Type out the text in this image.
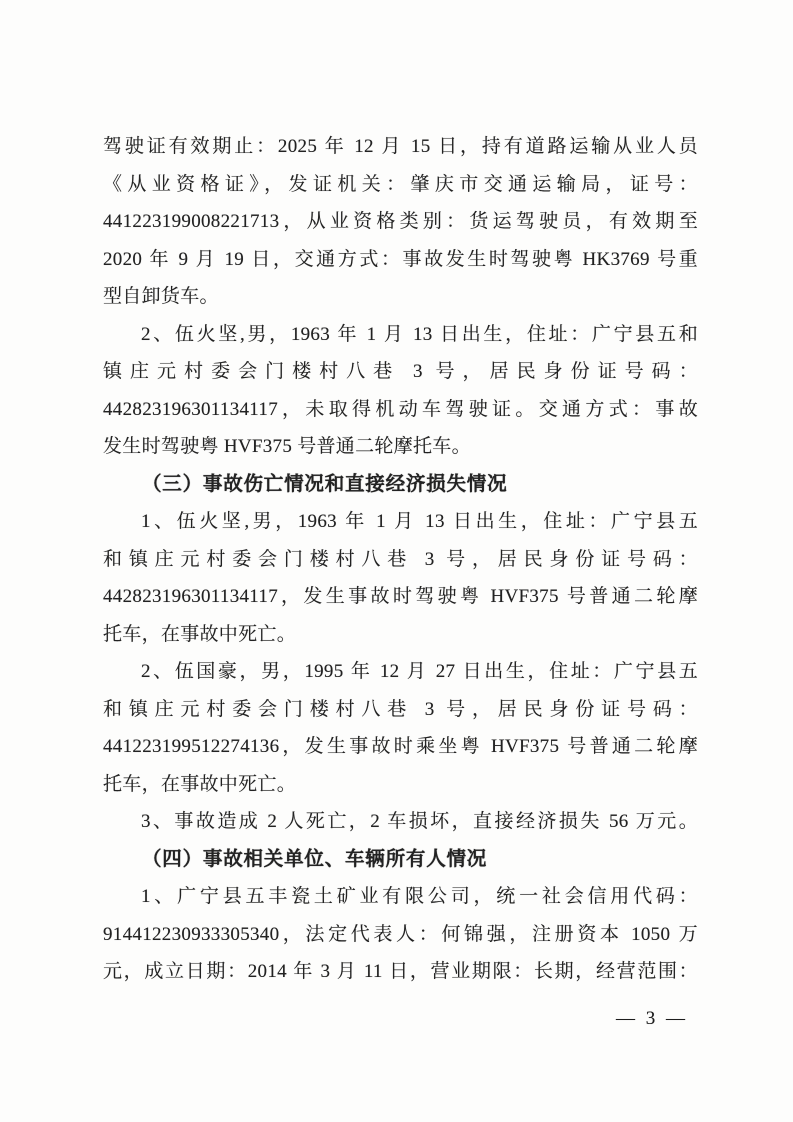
驾驶证有效期止：2025 年 12 月 15 日，持有道路运输从业人员
《从业资格证》，发证机关：肇庆市交通运输局，证号：
441223199008221713，从业资格类别：货运驾驶员，有效期至
2020 年 9 月 19 日，交通方式：事故发生时驾驶粤 HK3769 号重
型自卸货车。
2、伍火坚,男，1963 年 1 月 13 日出生，住址：广宁县五和
镇庄元村委会门楼村八巷 3 号，居民身份证号码：
442823196301134117，未取得机动车驾驶证。交通方式：事故
发生时驾驶粤 HVF375 号普通二轮摩托车。
（三）事故伤亡情况和直接经济损失情况
1、伍火坚,男，1963 年 1 月 13 日出生，住址：广宁县五
和镇庄元村委会门楼村八巷 3 号，居民身份证号码：
442823196301134117，发生事故时驾驶粤 HVF375 号普通二轮摩
托车，在事故中死亡。
2、伍国豪，男，1995 年 12 月 27 日出生，住址：广宁县五
和镇庄元村委会门楼村八巷 3 号，居民身份证号码：
441223199512274136，发生事故时乘坐粤 HVF375 号普通二轮摩
托车，在事故中死亡。
3、事故造成 2 人死亡，2 车损坏，直接经济损失 56 万元。
（四）事故相关单位、车辆所有人情况
1、广宁县五丰瓷土矿业有限公司，统一社会信用代码：
914412230933305340，法定代表人：何锦强，注册资本 1050 万
元，成立日期：2014 年 3 月 11 日，营业期限：长期，经营范围：
— 3 —
